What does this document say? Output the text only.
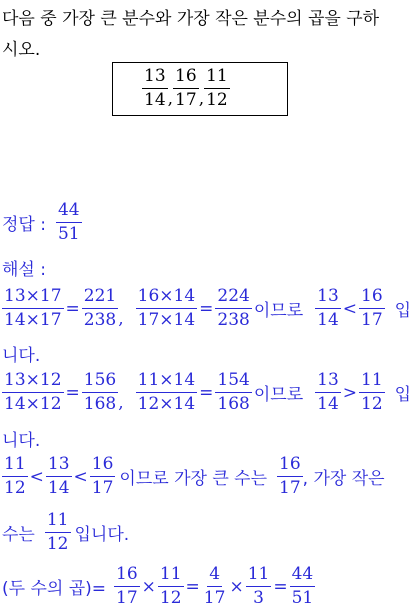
다음 중 가장 큰 분수와 가장 작은 분수의 곱을 구하
시오.
13
14 ,
16
17 ,
11
12
정답 :
44
51
해설 :
$\frac{13\times 17}{14\times 17} = \frac{221}{238}$ , $\frac{16\times 14}{17\times 14} = \frac{224}{238}$ 이므로
13
14
<
16
17 입
니다.
$\frac{13\times 12}{14\times 12} = \frac{156}{168}$ , $\frac{11\times 14}{12\times 14} = \frac{154}{168}$ 이므로
13
14
>
11
12 입
니다.
11
12
<
13
14
<
16
17 이므로 가장 큰 수는
16
17 , 가장 작은
수는
11
12 입니다.
(두 수의 곱)= $\frac{16}{17} \times \frac{11}{12} = \frac{4}{17} \times \frac{11}{3} = \frac{44}{51}$
